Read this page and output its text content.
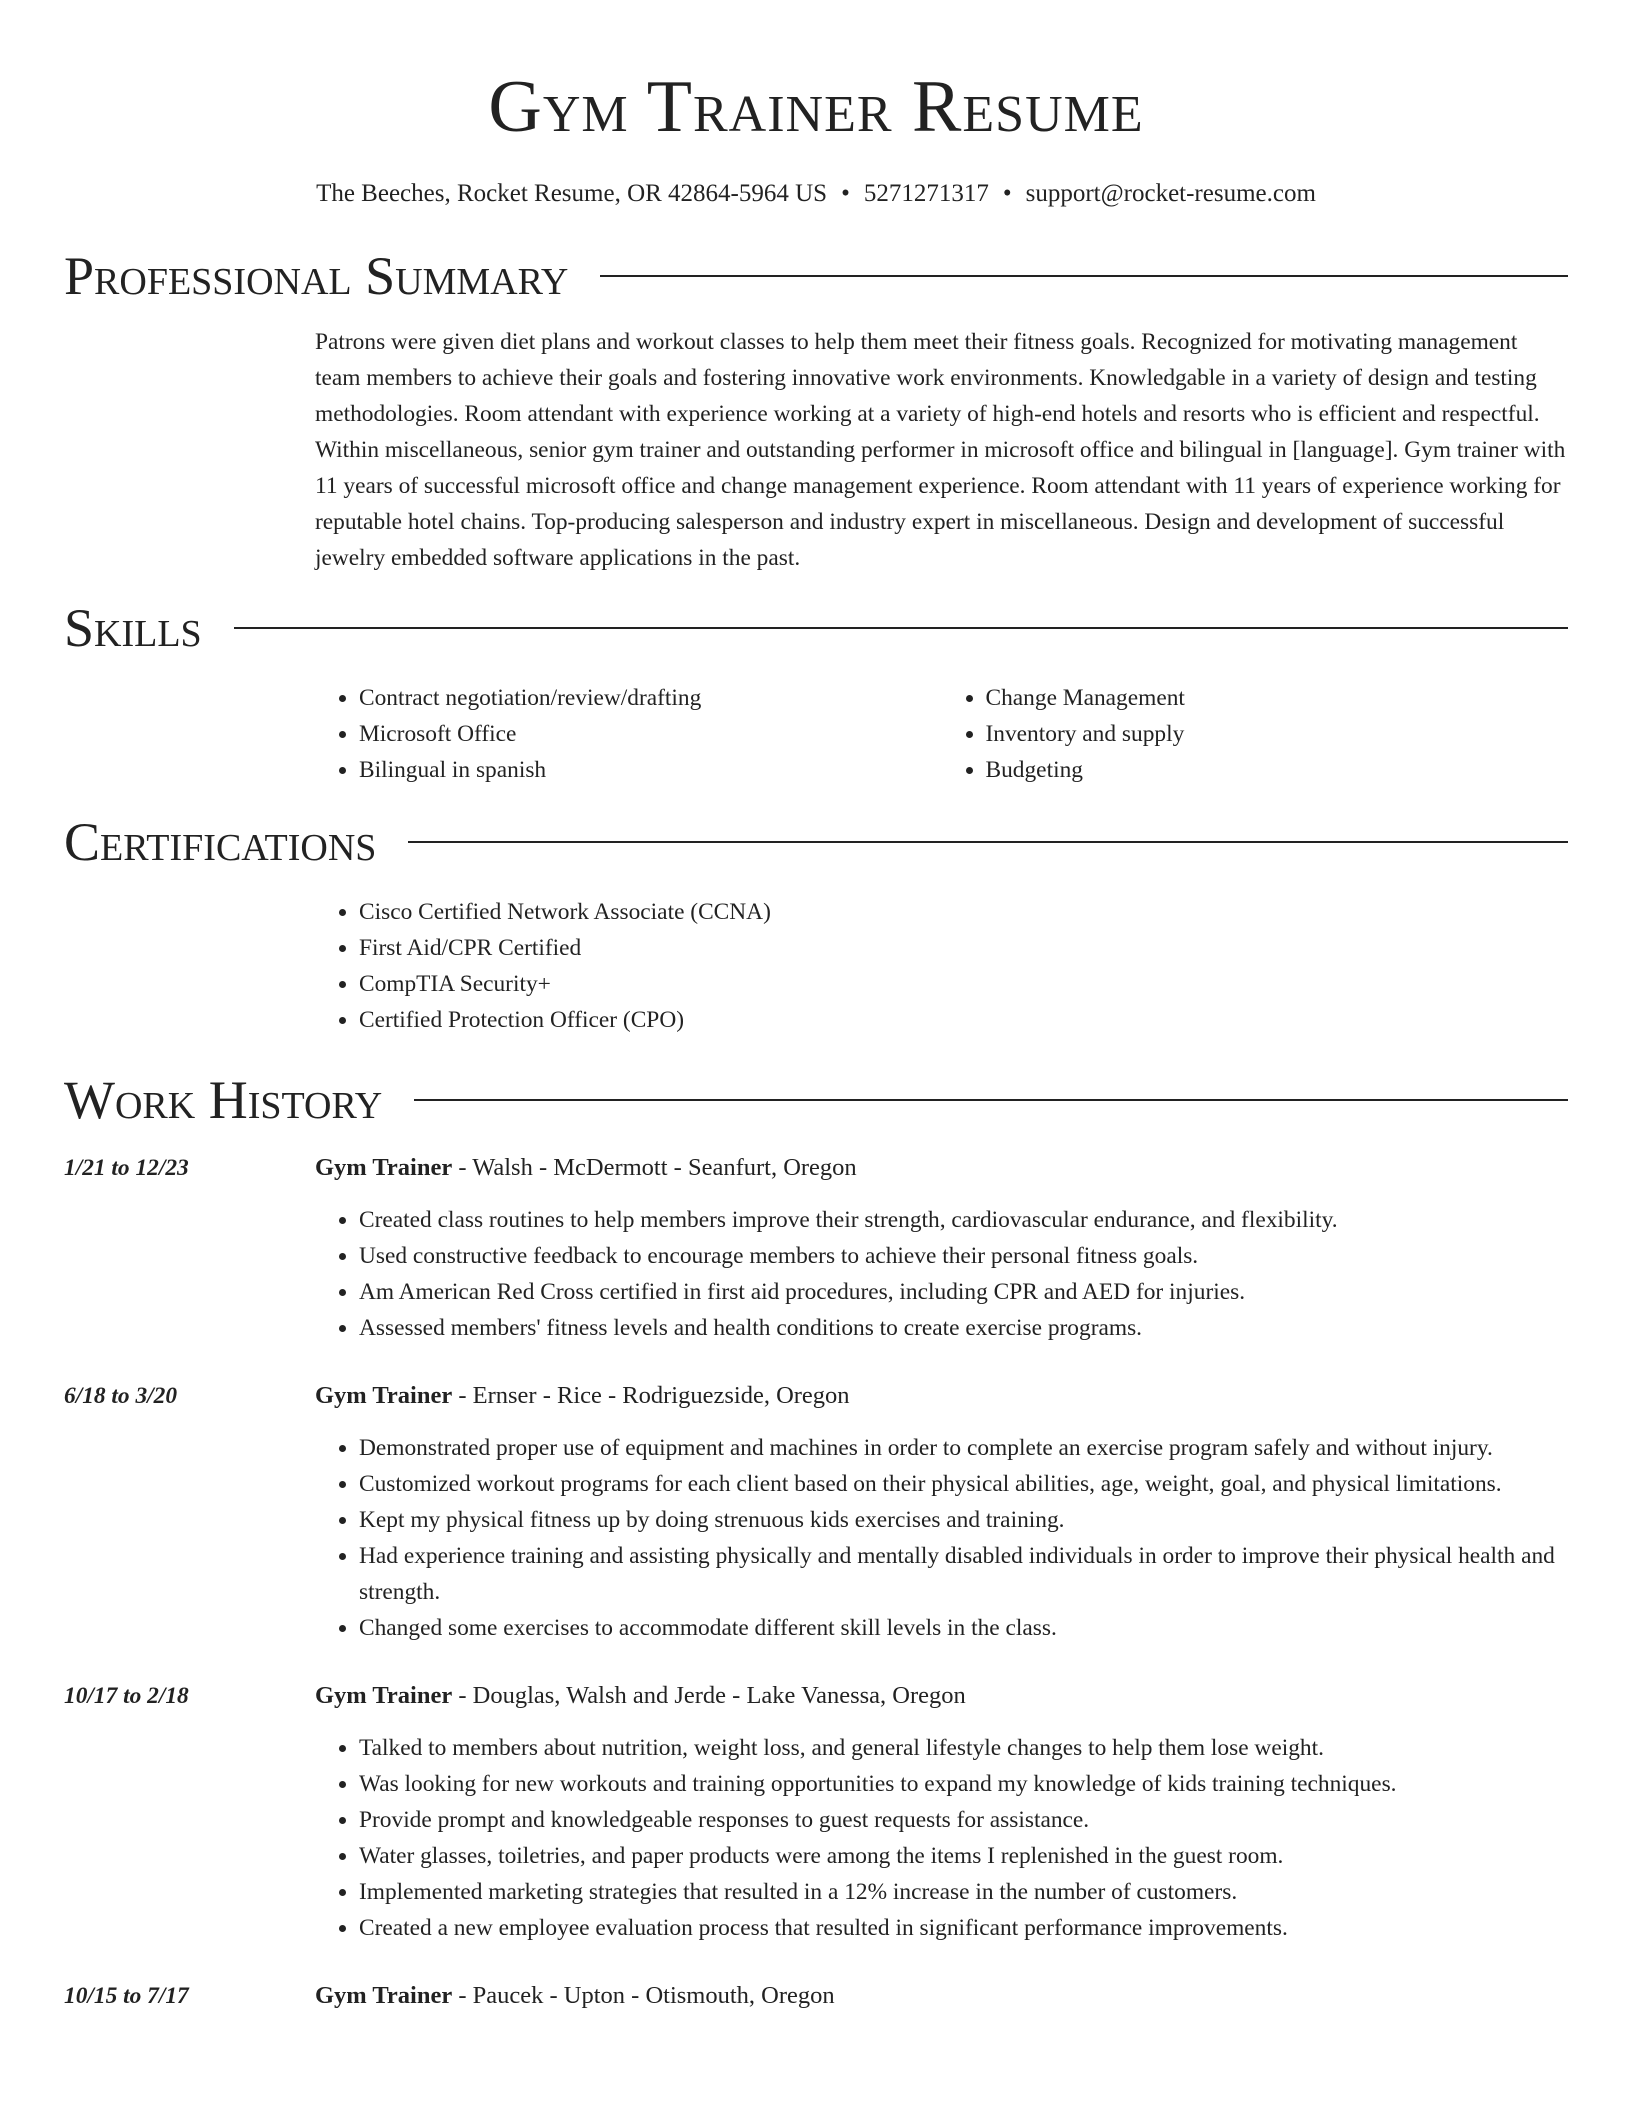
Gym Trainer Resume
The Beeches, Rocket Resume, OR 42864-5964 US • 5271271317 • support@rocket-resume.com
Professional Summary

Patrons were given diet plans and workout classes to help them meet their fitness goals. Recognized for motivating management team members to achieve their goals and fostering innovative work environments. Knowledgable in a variety of design and testing methodologies. Room attendant with experience working at a variety of high-end hotels and resorts who is efficient and respectful. Within miscellaneous, senior gym trainer and outstanding performer in microsoft office and bilingual in [language]. Gym trainer with 11 years of successful microsoft office and change management experience. Room attendant with 11 years of experience working for reputable hotel chains. Top-producing salesperson and industry expert in miscellaneous. Design and development of successful jewelry embedded software applications in the past.

Skills
• Contract negotiation/review/drafting
• Microsoft Office
• Bilingual in spanish
• Change Management
• Inventory and supply
• Budgeting
Certifications
• Cisco Certified Network Associate (CCNA)
• First Aid/CPR Certified
• CompTIA Security+
• Certified Protection Officer (CPO)
Work History
1/21 to 12/23	Gym Trainer - Walsh - McDermott - Seanfurt, Oregon
• Created class routines to help members improve their strength, cardiovascular endurance, and flexibility.
• Used constructive feedback to encourage members to achieve their personal fitness goals.
• Am American Red Cross certified in first aid procedures, including CPR and AED for injuries.
• Assessed members' fitness levels and health conditions to create exercise programs.
6/18 to 3/20	Gym Trainer - Ernser - Rice - Rodriguezside, Oregon
• Demonstrated proper use of equipment and machines in order to complete an exercise program safely and without injury.
• Customized workout programs for each client based on their physical abilities, age, weight, goal, and physical limitations.
• Kept my physical fitness up by doing strenuous kids exercises and training.
• Had experience training and assisting physically and mentally disabled individuals in order to improve their physical health and strength.
• Changed some exercises to accommodate different skill levels in the class.
10/17 to 2/18	Gym Trainer - Douglas, Walsh and Jerde - Lake Vanessa, Oregon
• Talked to members about nutrition, weight loss, and general lifestyle changes to help them lose weight.
• Was looking for new workouts and training opportunities to expand my knowledge of kids training techniques.
• Provide prompt and knowledgeable responses to guest requests for assistance.
• Water glasses, toiletries, and paper products were among the items I replenished in the guest room.
• Implemented marketing strategies that resulted in a 12% increase in the number of customers.
• Created a new employee evaluation process that resulted in significant performance improvements.
10/15 to 7/17	Gym Trainer - Paucek - Upton - Otismouth, Oregon
